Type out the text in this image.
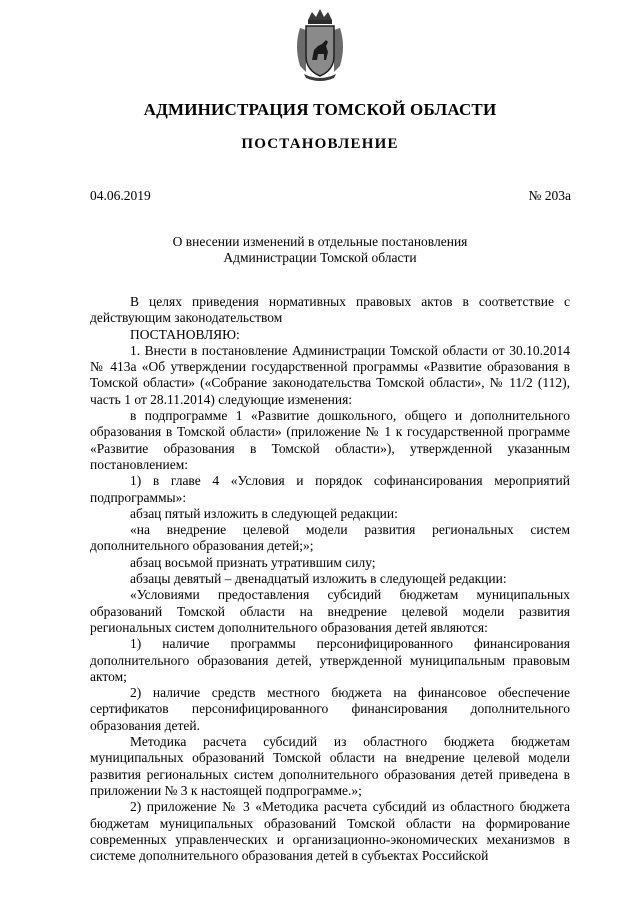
АДМИНИСТРАЦИЯ ТОМСКОЙ ОБЛАСТИ
ПОСТАНОВЛЕНИЕ
04.06.2019	№ 203а
О внесении изменений в отдельные постановления
Администрации Томской области

В целях приведения нормативных правовых актов в соответствие с действующим законодательством

ПОСТАНОВЛЯЮ:

1. Внести в постановление Администрации Томской области от 30.10.2014 № 413а «Об утверждении государственной программы «Развитие образования в Томской области» («Собрание законодательства Томской области», № 11/2 (112), часть 1 от 28.11.2014) следующие изменения:

в подпрограмме 1 «Развитие дошкольного, общего и дополнительного образования в Томской области» (приложение № 1 к государственной программе «Развитие образования в Томской области»), утвержденной указанным постановлением:

1) в главе 4 «Условия и порядок софинансирования мероприятий подпрограммы»:

абзац пятый изложить в следующей редакции:

«на внедрение целевой модели развития региональных систем дополнительного образования детей;»;

абзац восьмой признать утратившим силу;

абзацы девятый – двенадцатый изложить в следующей редакции:

«Условиями предоставления субсидий бюджетам муниципальных образований Томской области на внедрение целевой модели развития региональных систем дополнительного образования детей являются:

1) наличие программы персонифицированного финансирования дополнительного образования детей, утвержденной муниципальным правовым актом;

2) наличие средств местного бюджета на финансовое обеспечение сертификатов персонифицированного финансирования дополнительного образования детей.

Методика расчета субсидий из областного бюджета бюджетам муниципальных образований Томской области на внедрение целевой модели развития региональных систем дополнительного образования детей приведена в приложении № 3 к настоящей подпрограмме.»;

2) приложение № 3 «Методика расчета субсидий из областного бюджета бюджетам муниципальных образований Томской области на формирование современных управленческих и организационно-экономических механизмов в системе дополнительного образования детей в субъектах Российской
